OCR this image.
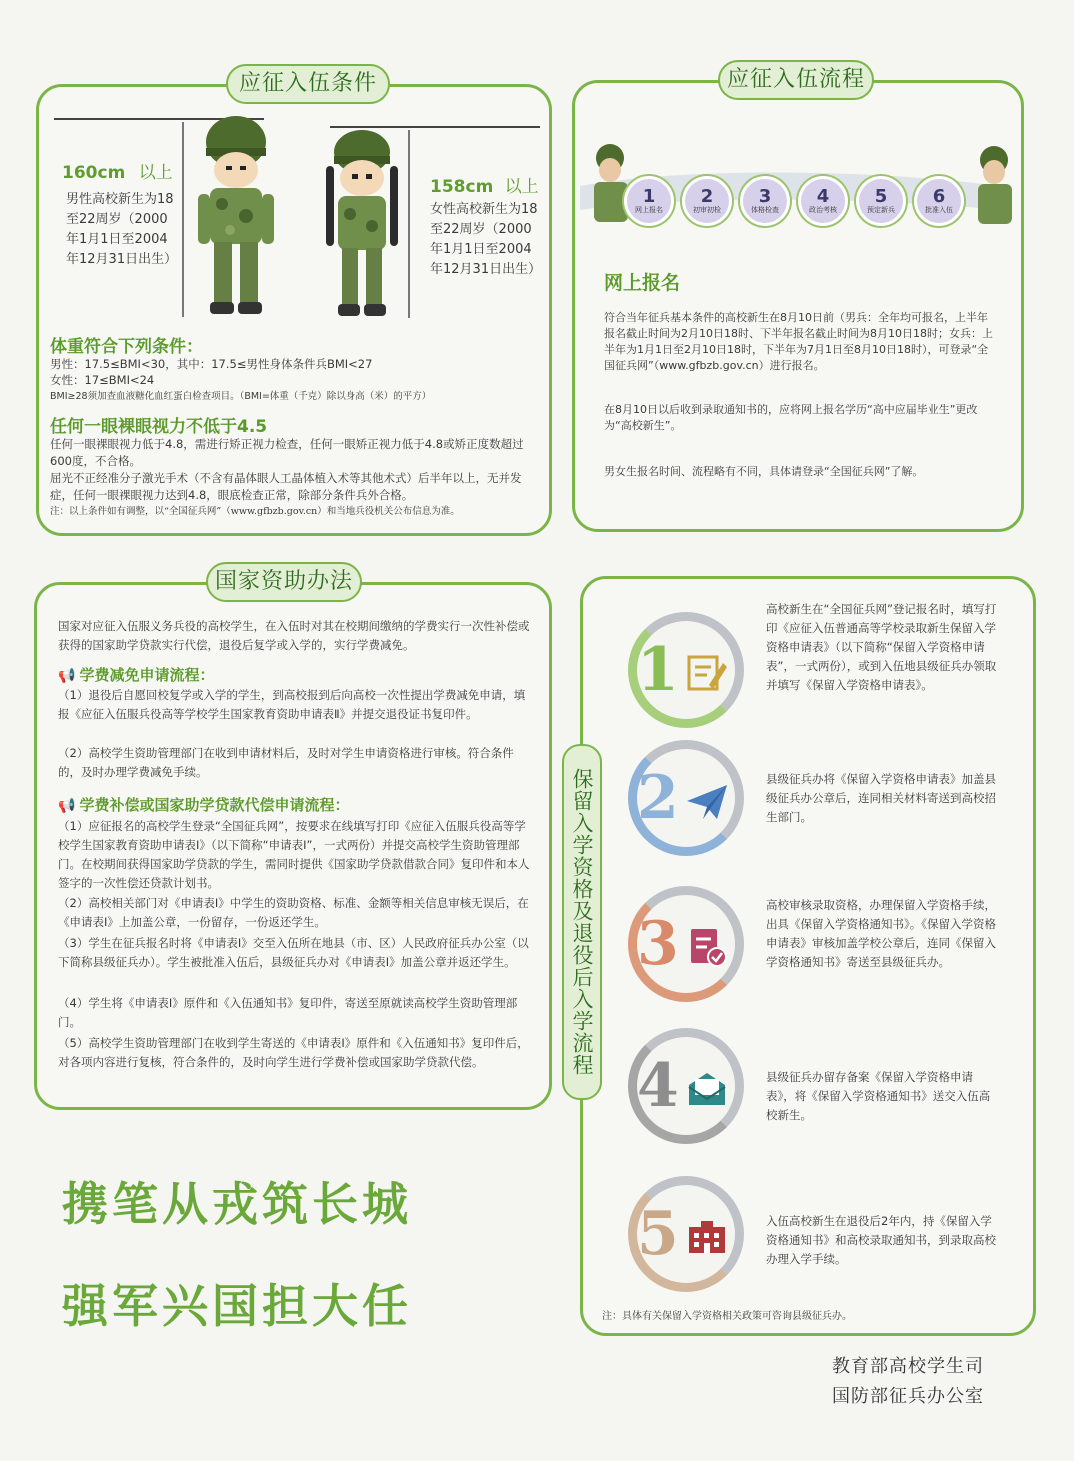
应征入伍条件
160cm 以上
男性高校新生为18至22周岁（2000年1月1日至2004年12月31日出生）
158cm 以上
女性高校新生为18至22周岁（2000年1月1日至2004年12月31日出生）
体重符合下列条件：
男性：17.5≤BMI<30，其中：17.5≤男性身体条件兵BMI<27
女性：17≤BMI<24
BMI≥28须加查血液糖化血红蛋白检查项目。（BMI=体重（千克）除以身高（米）的平方）
任何一眼裸眼视力不低于4.5
任何一眼裸眼视力低于4.8，需进行矫正视力检查，任何一眼矫正视力低于4.8或矫正度数超过600度，不合格。
屈光不正经准分子激光手术（不含有晶体眼人工晶体植入术等其他术式）后半年以上，无并发症，任何一眼裸眼视力达到4.8，眼底检查正常，除部分条件兵外合格。
注：以上条件如有调整，以“全国征兵网”（www.gfbzb.gov.cn）和当地兵役机关公布信息为准。
应征入伍流程
1
网上报名
2
初审初检
3
体格检查
4
政治考核
5
预定新兵
6
批准入伍
网上报名
符合当年征兵基本条件的高校新生在8月10日前（男兵：全年均可报名，上半年报名截止时间为2月10日18时、下半年报名截止时间为8月10日18时；女兵：上半年为1月1日至2月10日18时，下半年为7月1日至8月10日18时），可登录“全国征兵网”（www.gfbzb.gov.cn）进行报名。
在8月10日以后收到录取通知书的，应将网上报名学历“高中应届毕业生”更改为“高校新生”。
男女生报名时间、流程略有不同，具体请登录“全国征兵网”了解。
国家资助办法
国家对应征入伍服义务兵役的高校学生，在入伍时对其在校期间缴纳的学费实行一次性补偿或获得的国家助学贷款实行代偿，退役后复学或入学的，实行学费减免。
📢 学费减免申请流程：
（1）退役后自愿回校复学或入学的学生，到高校报到后向高校一次性提出学费减免申请，填报《应征入伍服兵役高等学校学生国家教育资助申请表Ⅱ》并提交退役证书复印件。
（2）高校学生资助管理部门在收到申请材料后，及时对学生申请资格进行审核。符合条件的，及时办理学费减免手续。
📢 学费补偿或国家助学贷款代偿申请流程：
（1）应征报名的高校学生登录“全国征兵网”，按要求在线填写打印《应征入伍服兵役高等学校学生国家教育资助申请表Ⅰ》（以下简称“申请表Ⅰ”，一式两份）并提交高校学生资助管理部门。在校期间获得国家助学贷款的学生，需同时提供《国家助学贷款借款合同》复印件和本人签字的一次性偿还贷款计划书。
（2）高校相关部门对《申请表Ⅰ》中学生的资助资格、标准、金额等相关信息审核无误后，在《申请表Ⅰ》上加盖公章，一份留存，一份返还学生。
（3）学生在征兵报名时将《申请表Ⅰ》交至入伍所在地县（市、区）人民政府征兵办公室（以下简称县级征兵办）。学生被批准入伍后，县级征兵办对《申请表Ⅰ》加盖公章并返还学生。
（4）学生将《申请表Ⅰ》原件和《入伍通知书》复印件，寄送至原就读高校学生资助管理部门。
（5）高校学生资助管理部门在收到学生寄送的《申请表Ⅰ》原件和《入伍通知书》复印件后，对各项内容进行复核，符合条件的，及时向学生进行学费补偿或国家助学贷款代偿。	保留入学资格及退役后入学流程
1
高校新生在“全国征兵网”登记报名时，填写打印《应征入伍普通高等学校录取新生保留入学资格申请表》（以下简称“保留入学资格申请表”，一式两份），或到入伍地县级征兵办领取并填写《保留入学资格申请表》。
2	县级征兵办将《保留入学资格申请表》加盖县级征兵办公章后，连同相关材料寄送到高校招生部门。
3
高校审核录取资格，办理保留入学资格手续，出具《保留入学资格通知书》。《保留入学资格申请表》审核加盖学校公章后，连同《保留入学资格通知书》寄送至县级征兵办。
4	县级征兵办留存备案《保留入学资格申请表》，将《保留入学资格通知书》送交入伍高校新生。
5	入伍高校新生在退役后2年内，持《保留入学资格通知书》和高校录取通知书，到录取高校办理入学手续。
注：具体有关保留入学资格相关政策可咨询县级征兵办。
携笔从戎筑长城
强军兴国担大任
教育部高校学生司
国防部征兵办公室
